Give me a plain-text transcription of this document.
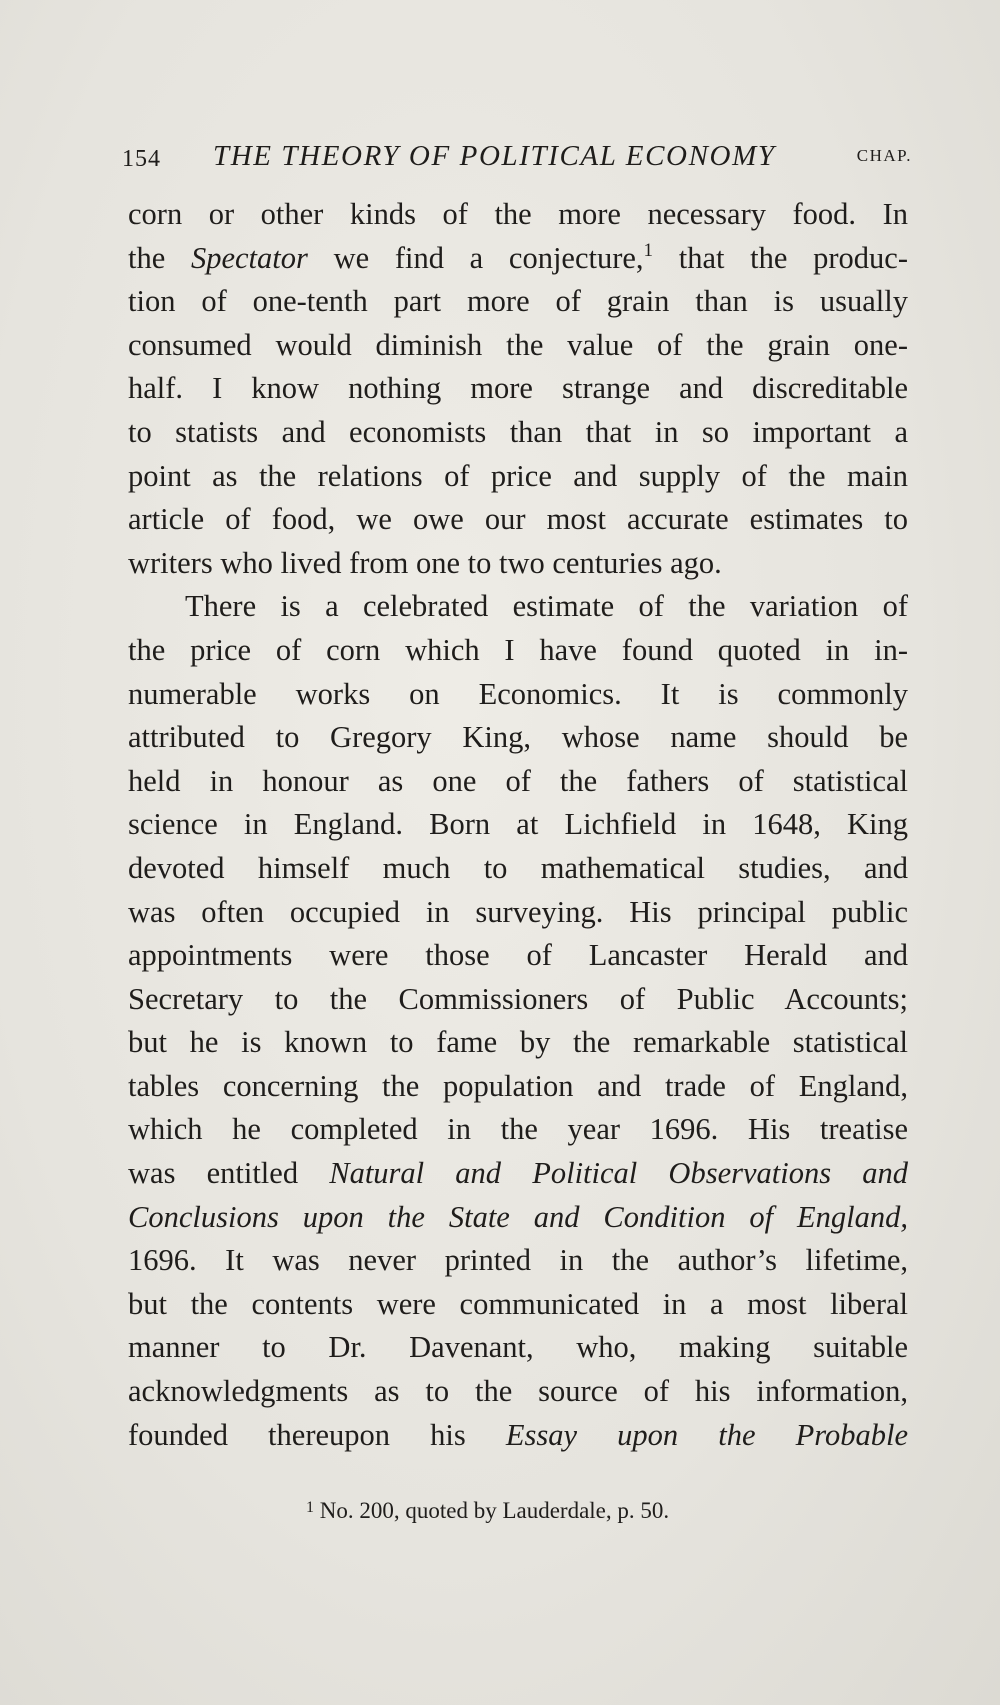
154 THE THEORY OF POLITICAL ECONOMY	CHAP.
corn or other kinds of the more necessary food. In
the Spectator we find a conjecture,$^1$ that the produc-
tion of one-tenth part more of grain than is usually
consumed would diminish the value of the grain one-
half. I know nothing more strange and discreditable
to statists and economists than that in so important a
point as the relations of price and supply of the main
article of food, we owe our most accurate estimates to
writers who lived from one to two centuries ago.
There is a celebrated estimate of the variation of
the price of corn which I have found quoted in in-
numerable works on Economics. It is commonly
attributed to Gregory King, whose name should be
held in honour as one of the fathers of statistical
science in England. Born at Lichfield in 1648, King
devoted himself much to mathematical studies, and
was often occupied in surveying. His principal public
appointments were those of Lancaster Herald and
Secretary to the Commissioners of Public Accounts;
but he is known to fame by the remarkable statistical
tables concerning the population and trade of England,
which he completed in the year 1696. His treatise
was entitled Natural and Political Observations and
Conclusions upon the State and Condition of England,
1696. It was never printed in the author’s lifetime,
but the contents were communicated in a most liberal
manner to Dr. Davenant, who, making suitable
acknowledgments as to the source of his information,
founded thereupon his Essay upon the Probable
$^1$ No. 200, quoted by Lauderdale, p. 50.
